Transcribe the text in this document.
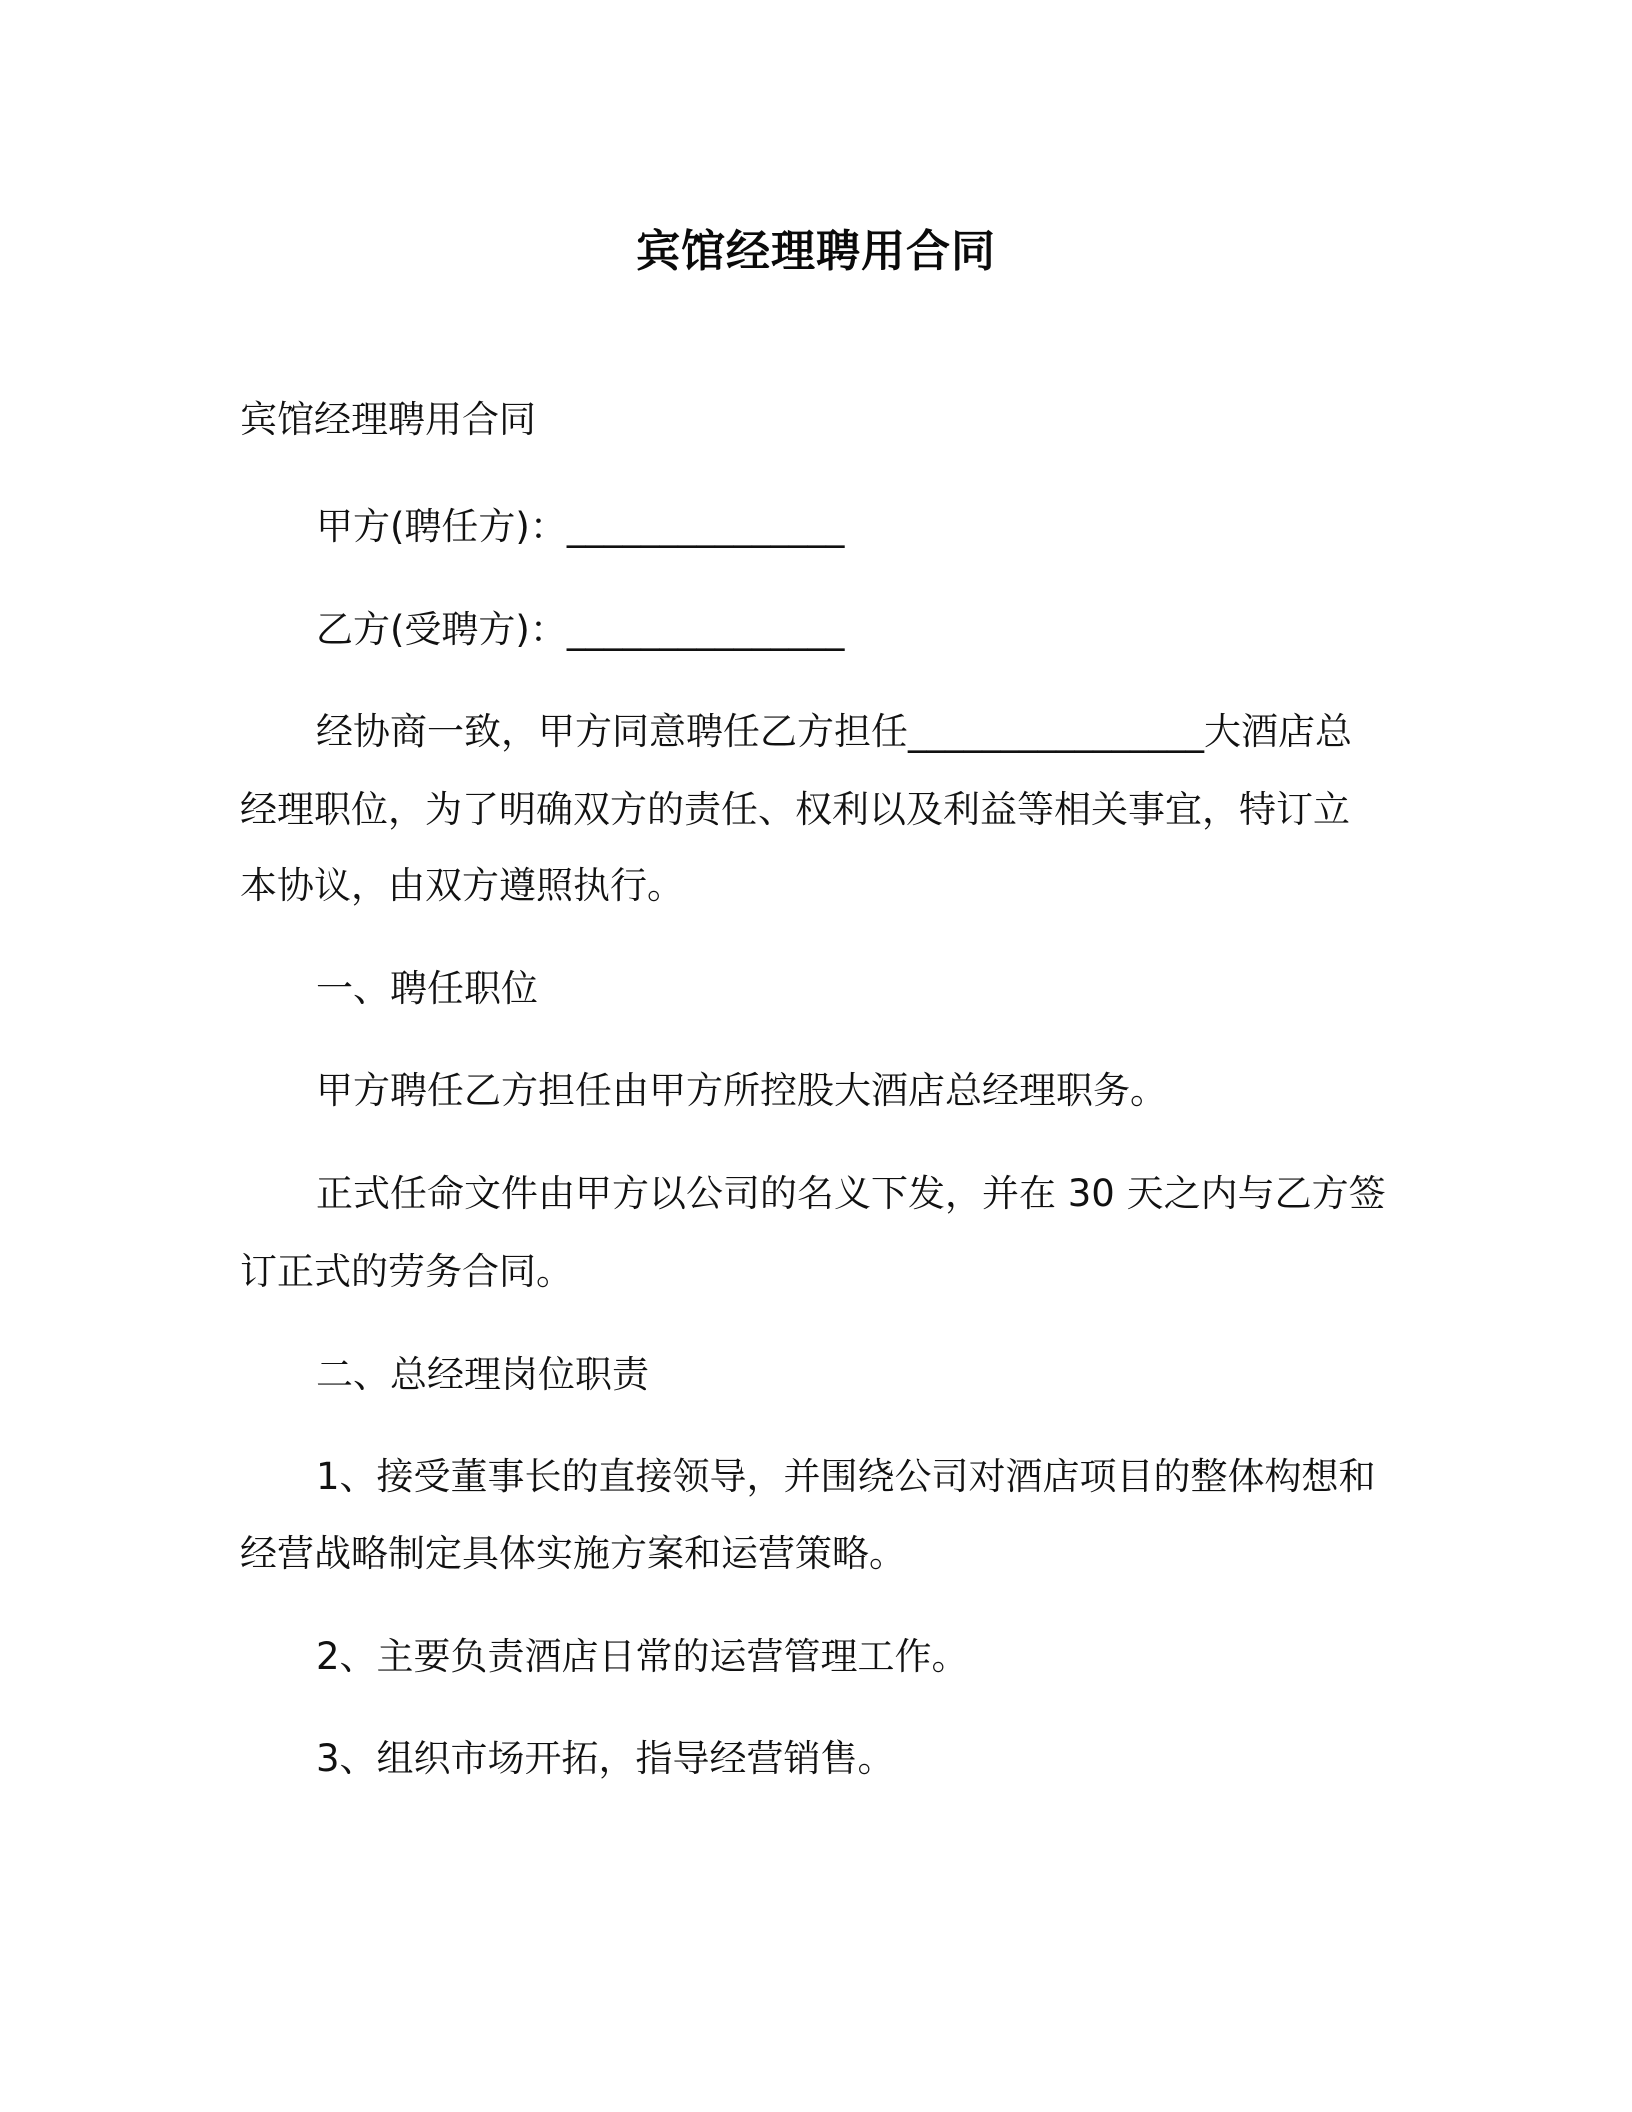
宾馆经理聘用合同
宾馆经理聘用合同
甲方(聘任方)：_______________
乙方(受聘方)：_______________
经协商一致，甲方同意聘任乙方担任________________大酒店总
经理职位，为了明确双方的责任、权利以及利益等相关事宜，特订立
本协议，由双方遵照执行。
一、聘任职位
甲方聘任乙方担任由甲方所控股大酒店总经理职务。
正式任命文件由甲方以公司的名义下发，并在 30 天之内与乙方签
订正式的劳务合同。
二、总经理岗位职责
1、接受董事长的直接领导，并围绕公司对酒店项目的整体构想和
经营战略制定具体实施方案和运营策略。
2、主要负责酒店日常的运营管理工作。
3、组织市场开拓，指导经营销售。
